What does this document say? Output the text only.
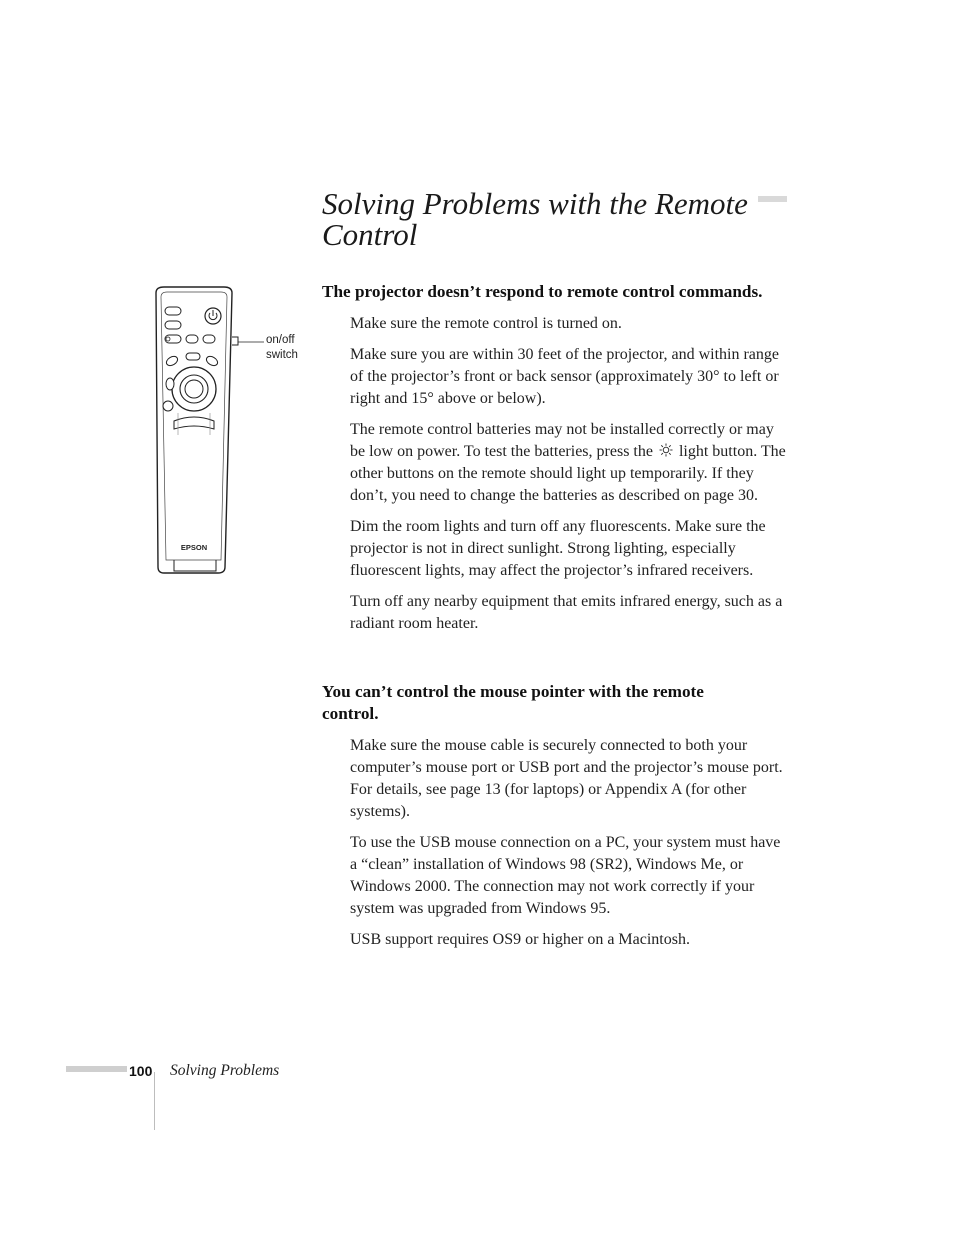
Solving Problems with the Remote Control
EPSON
on/off
switch
The projector doesn’t respond to remote control commands.

Make sure the remote control is turned on.

Make sure you are within 30 feet of the projector, and within range of the projector’s front or back sensor (approximately 30° to left or right and 15° above or below).

The remote control batteries may not be installed correctly or may be low on power. To test the batteries, press the light button. The other buttons on the remote should light up temporarily. If they don’t, you need to change the batteries as described on page 30.

Dim the room lights and turn off any fluorescents. Make sure the projector is not in direct sunlight. Strong lighting, especially fluorescent lights, may affect the projector’s infrared receivers.

Turn off any nearby equipment that emits infrared energy, such as a radiant room heater.

You can’t control the mouse pointer with the remote control.

Make sure the mouse cable is securely connected to both your computer’s mouse port or USB port and the projector’s mouse port. For details, see page 13 (for laptops) or Appendix A (for other systems).

To use the USB mouse connection on a PC, your system must have a “clean” installation of Windows 98 (SR2), Windows Me, or Windows 2000. The connection may not work correctly if your system was upgraded from Windows 95.

USB support requires OS9 or higher on a Macintosh.

100 Solving Problems
